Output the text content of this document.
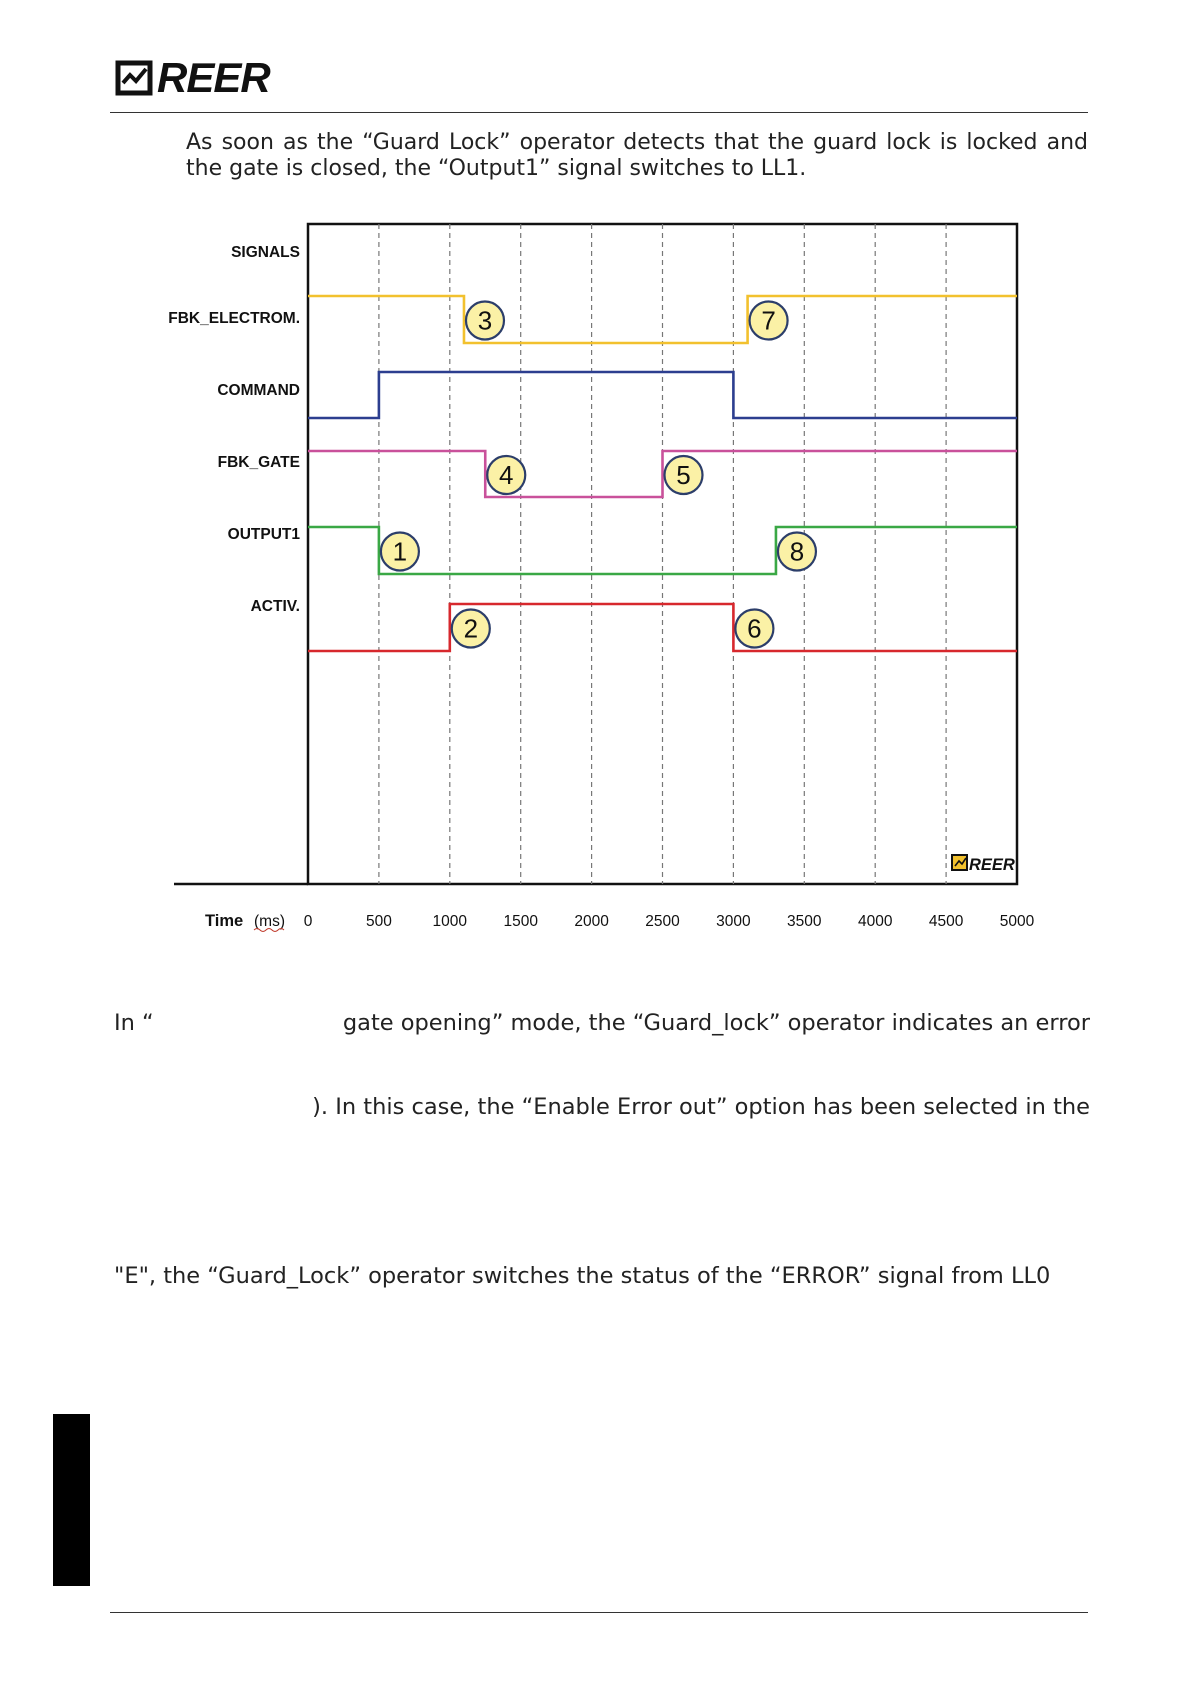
REER
As soon as the “Guard Lock” operator detects that the guard lock is locked and the gate is closed, the “Output1” signal switches to LL1.
0	500	1000 1500 2000 2500 3000 3500 4000 4500 5000
Time (ms)
SIGNALS
FBK_ELECTROM.
COMMAND
FBK_GATE
OUTPUT1
ACTIV.
1
2
3
4	5
6
7
8
REER
In “	gate opening” mode, the “Guard_lock” operator indicates an error
). In this case, the “Enable Error out” option has been selected in the
"E", the “Guard_Lock” operator switches the status of the “ERROR” signal from LL0
